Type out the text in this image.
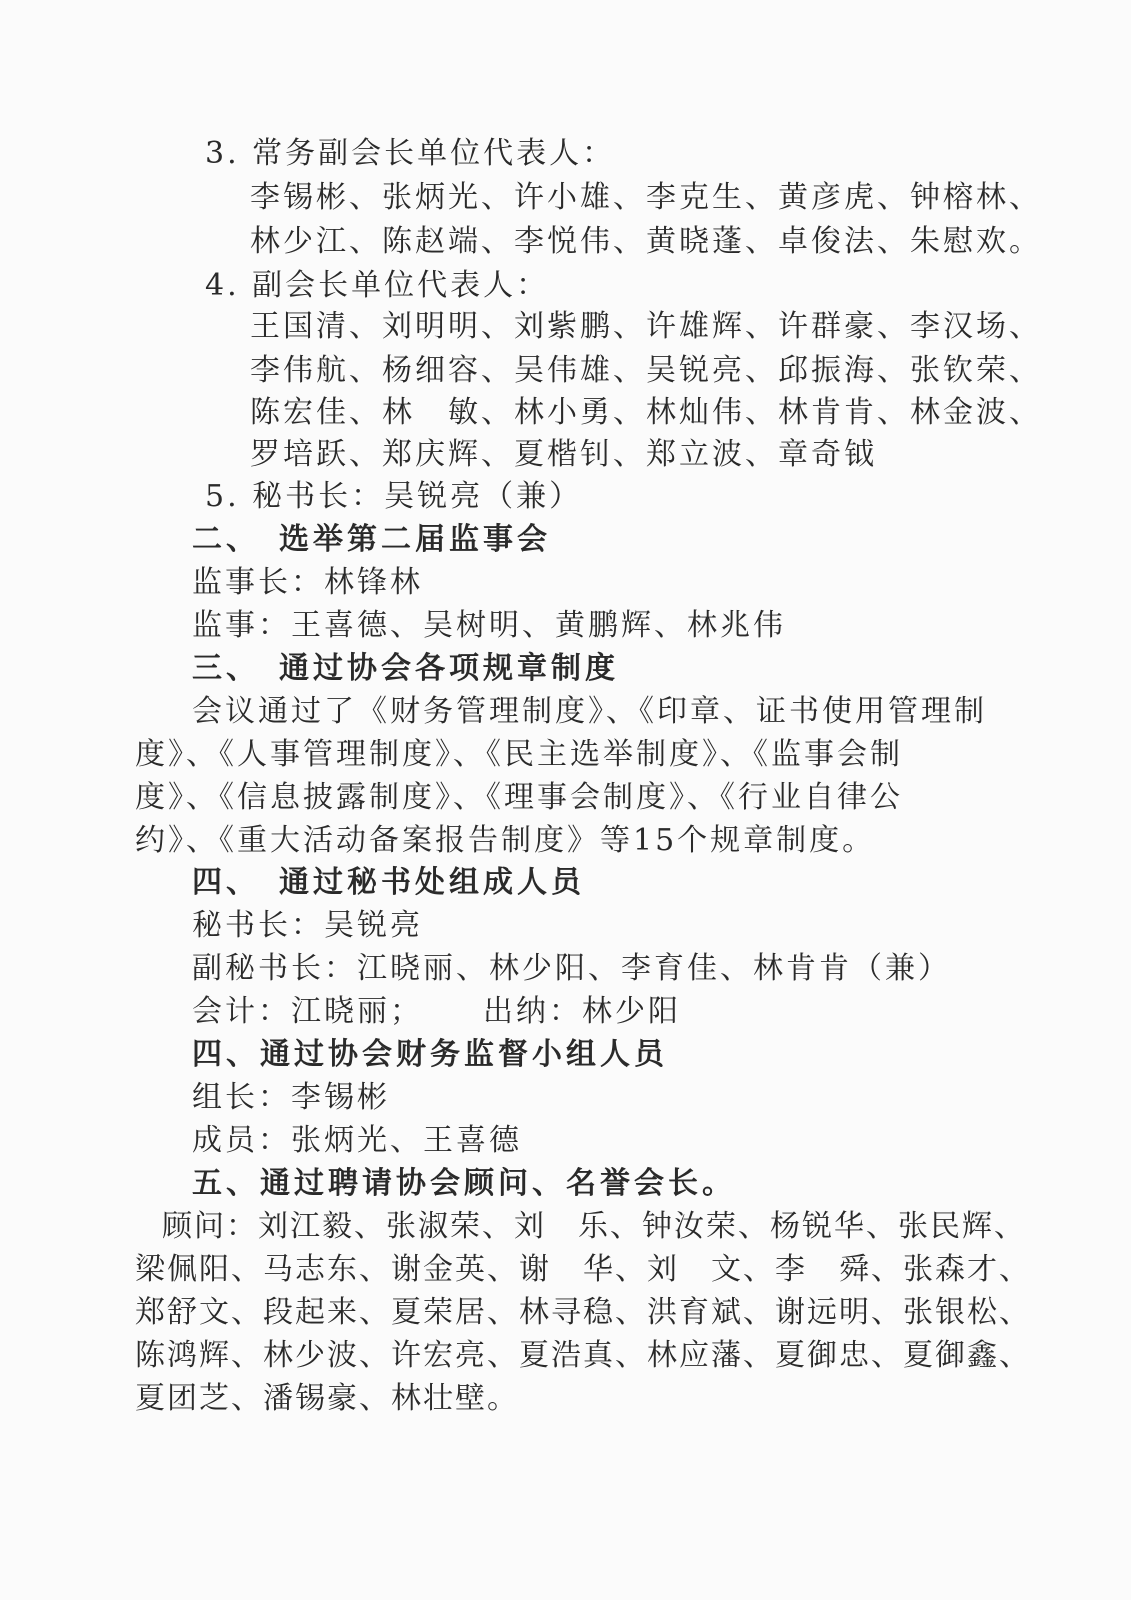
3. 常务副会长单位代表人：
李锡彬、张炳光、许小雄、李克生、黄彦虎、钟榕林、
林少江、陈赵端、李悦伟、黄晓蓬、卓俊法、朱慰欢。
4. 副会长单位代表人：
王国清、刘明明、刘紫鹏、许雄辉、许群豪、李汉场、
李伟航、杨细容、吴伟雄、吴锐亮、邱振海、张钦荣、
陈宏佳、林　敏、林小勇、林灿伟、林肯肯、林金波、
罗培跃、郑庆辉、夏楷钊、郑立波、章奇钺
5. 秘书长：吴锐亮（兼）
二、　选举第二届监事会
监事长：林锋林
监事：王喜德、吴树明、黄鹏辉、林兆伟
三、　通过协会各项规章制度
会议通过了《财务管理制度》、《印章、证书使用管理制
度》、《人事管理制度》、《民主选举制度》、《监事会制
度》、《信息披露制度》、《理事会制度》、《行业自律公
约》、《重大活动备案报告制度》等15个规章制度。
四、　通过秘书处组成人员
秘书长：吴锐亮
副秘书长：江晓丽、林少阳、李育佳、林肯肯（兼）
会计：江晓丽； 出纳：林少阳
四、通过协会财务监督小组人员
组长：李锡彬
成员：张炳光、王喜德
五、通过聘请协会顾问、名誉会长。
顾问：刘江毅、张淑荣、刘　乐、钟汝荣、杨锐华、张民辉、
梁佩阳、马志东、谢金英、谢　华、刘　文、李　舜、张森才、
郑舒文、段起来、夏荣居、林寻稳、洪育斌、谢远明、张银松、
陈鸿辉、林少波、许宏亮、夏浩真、林应藩、夏御忠、夏御鑫、
夏团芝、潘锡豪、林壮壁。
